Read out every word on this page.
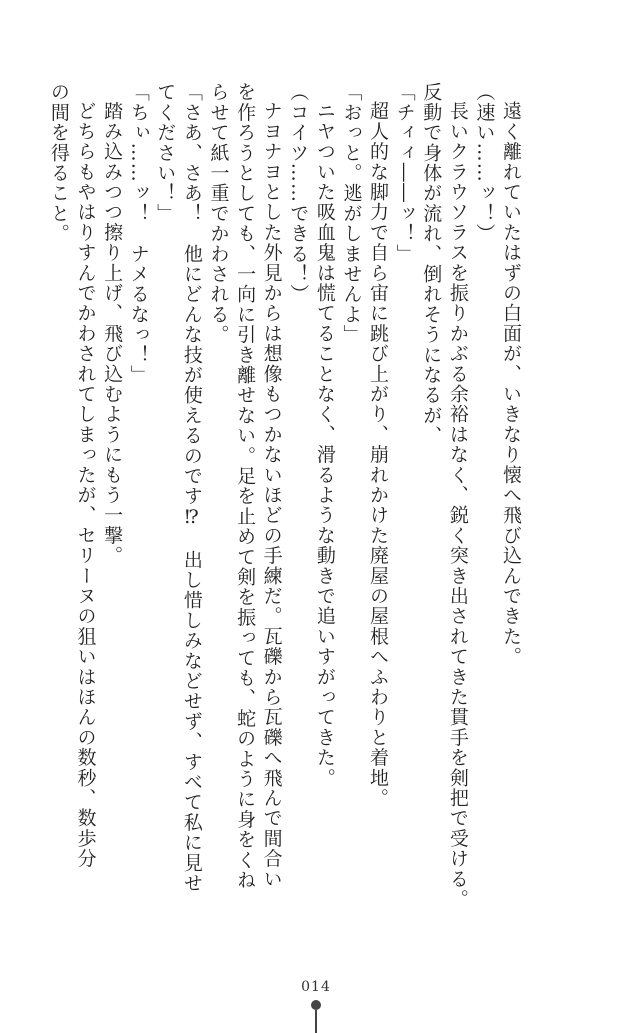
遠く離れていたはずの白面が、いきなり懐へ飛び込んできた。
（速い……ッ！）
長いクラウソラスを振りかぶる余裕はなく、鋭く突き出されてきた貫手を剣把で受ける。
反動で身体が流れ、倒れそうになるが、
「チィィ――ッ！」
超人的な脚力で自ら宙に跳び上がり、崩れかけた廃屋の屋根へふわりと着地。
「おっと。逃がしませんよ」
ニヤついた吸血鬼は慌てることなく、滑るような動きで追いすがってきた。
（コイツ……できる！）
ナヨナヨとした外見からは想像もつかないほどの手練だ。瓦礫から瓦礫へ飛んで間合い
を作ろうとしても、一向に引き離せない。足を止めて剣を振っても、蛇のように身をくね
らせて紙一重でかわされる。
「さあ、さあ！　他にどんな技が使えるのです⁉　出し惜しみなどせず、すべて私に見せ
てください！」
「ちぃ……ッ！　ナメるなっ！」
踏み込みつつ擦り上げ、飛び込むようにもう一撃。
どちらもやはりすんでかわされてしまったが、セリーヌの狙いはほんの数秒、数歩分
の間を得ること。
014
